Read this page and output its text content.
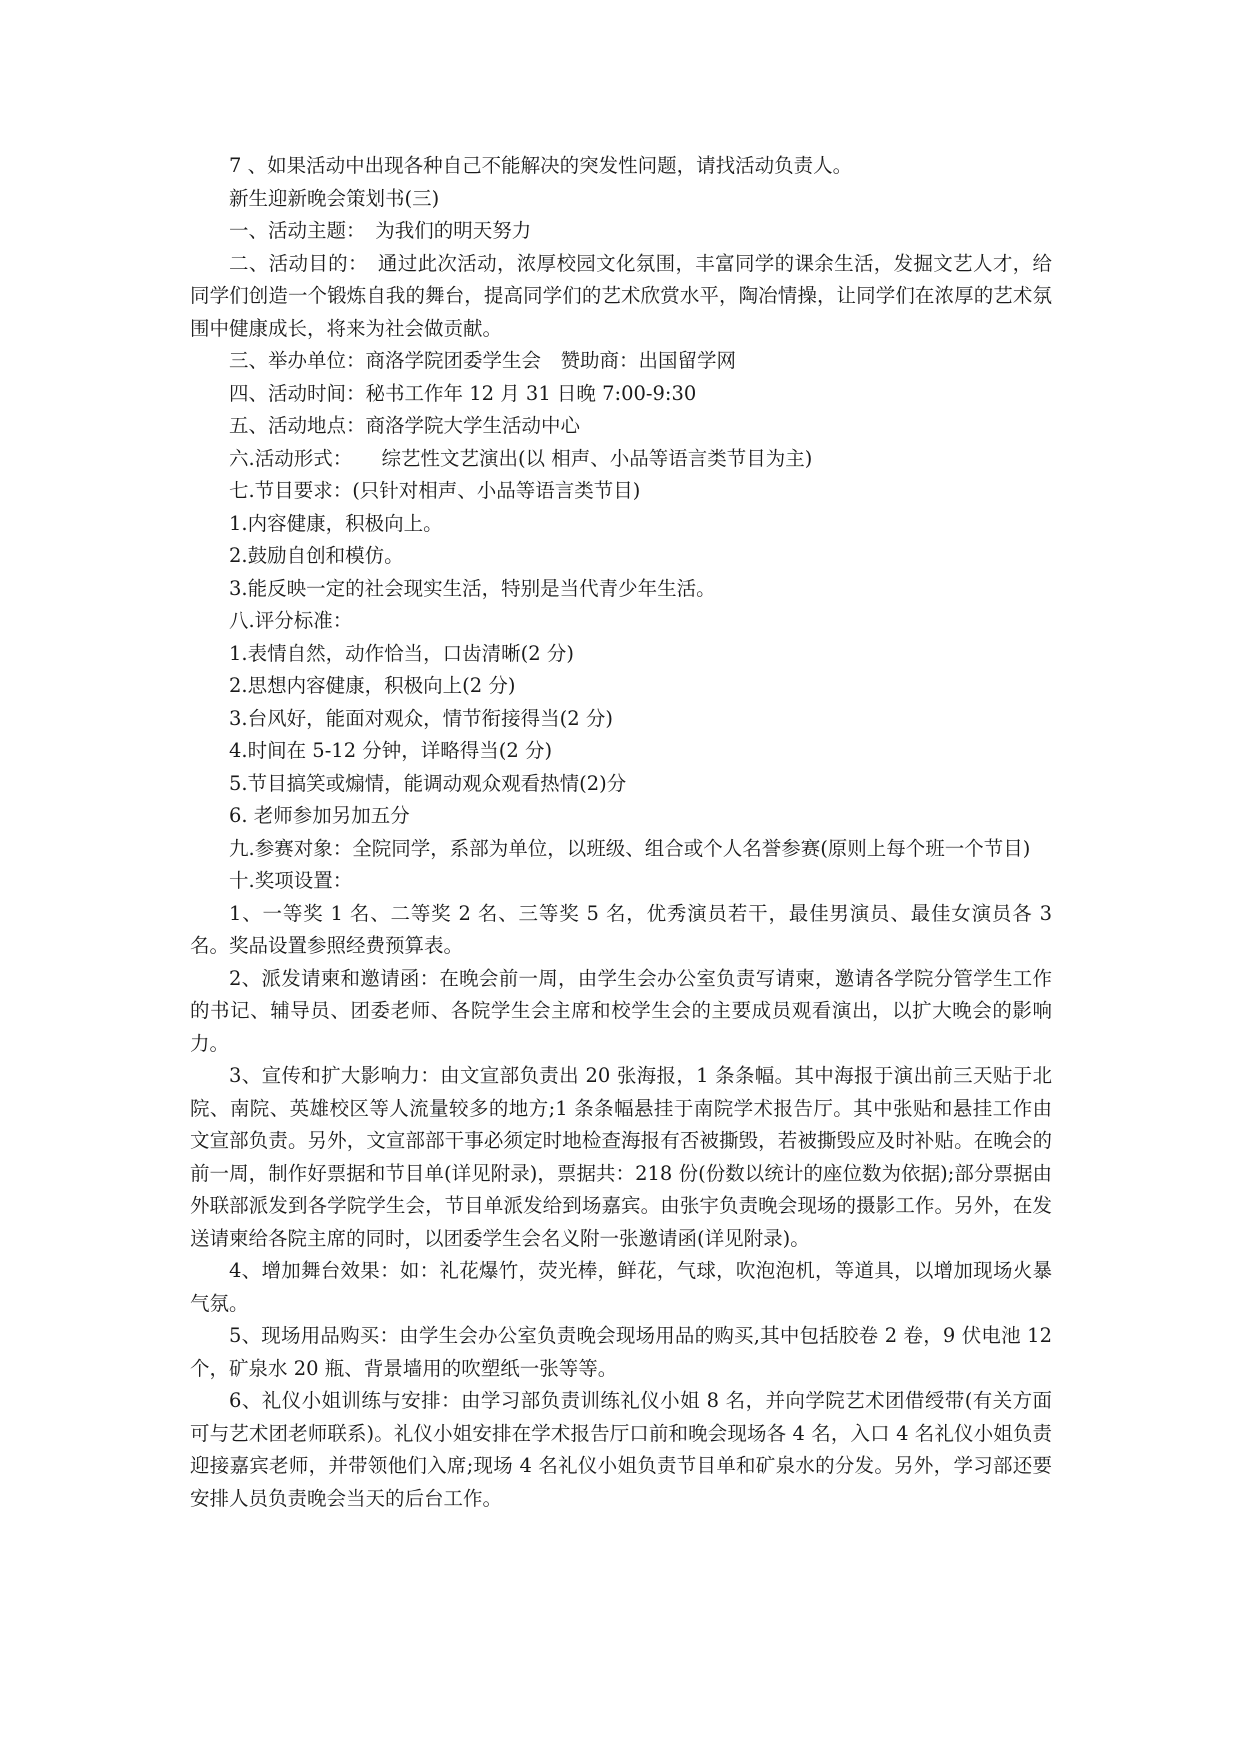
7 、如果活动中出现各种自己不能解决的突发性问题，请找活动负责人。

新生迎新晚会策划书(三)

一、活动主题：　为我们的明天努力

二、活动目的：　通过此次活动，浓厚校园文化氛围，丰富同学的课余生活，发掘文艺人才，给同学们创造一个锻炼自我的舞台，提高同学们的艺术欣赏水平，陶冶情操，让同学们在浓厚的艺术氛围中健康成长，将来为社会做贡献。

三、举办单位：商洛学院团委学生会　赞助商：出国留学网

四、活动时间：秘书工作年 12 月 31 日晚 7:00-9:30

五、活动地点：商洛学院大学生活动中心

六.活动形式：　　综艺性文艺演出(以 相声、小品等语言类节目为主)

七.节目要求：(只针对相声、小品等语言类节目)

1.内容健康，积极向上。

2.鼓励自创和模仿。

3.能反映一定的社会现实生活，特别是当代青少年生活。

八.评分标准：

1.表情自然，动作恰当，口齿清晰(2 分)

2.思想内容健康，积极向上(2 分)

3.台风好，能面对观众，情节衔接得当(2 分)

4.时间在 5-12 分钟，详略得当(2 分)

5.节目搞笑或煽情，能调动观众观看热情(2)分

6. 老师参加另加五分

九.参赛对象：全院同学，系部为单位，以班级、组合或个人名誉参赛(原则上每个班一个节目)

十.奖项设置：

1、一等奖 1 名、二等奖 2 名、三等奖 5 名，优秀演员若干，最佳男演员、最佳女演员各 3 名。奖品设置参照经费预算表。

2、派发请柬和邀请函：在晚会前一周，由学生会办公室负责写请柬，邀请各学院分管学生工作的书记、辅导员、团委老师、各院学生会主席和校学生会的主要成员观看演出，以扩大晚会的影响力。

3、宣传和扩大影响力：由文宣部负责出 20 张海报，1 条条幅。其中海报于演出前三天贴于北院、南院、英雄校区等人流量较多的地方;1 条条幅悬挂于南院学术报告厅。其中张贴和悬挂工作由文宣部负责。另外，文宣部部干事必须定时地检查海报有否被撕毁，若被撕毁应及时补贴。在晚会的前一周，制作好票据和节目单(详见附录)，票据共：218 份(份数以统计的座位数为依据);部分票据由外联部派发到各学院学生会，节目单派发给到场嘉宾。由张宇负责晚会现场的摄影工作。另外，在发送请柬给各院主席的同时，以团委学生会名义附一张邀请函(详见附录)。

4、增加舞台效果：如：礼花爆竹，荧光棒，鲜花，气球，吹泡泡机，等道具，以增加现场火暴气氛。

5、现场用品购买：由学生会办公室负责晚会现场用品的购买,其中包括胶卷 2 卷，9 伏电池 12 个，矿泉水 20 瓶、背景墙用的吹塑纸一张等等。

6、礼仪小姐训练与安排：由学习部负责训练礼仪小姐 8 名，并向学院艺术团借绶带(有关方面可与艺术团老师联系)。礼仪小姐安排在学术报告厅口前和晚会现场各 4 名，入口 4 名礼仪小姐负责迎接嘉宾老师，并带领他们入席;现场 4 名礼仪小姐负责节目单和矿泉水的分发。另外，学习部还要安排人员负责晚会当天的后台工作。
